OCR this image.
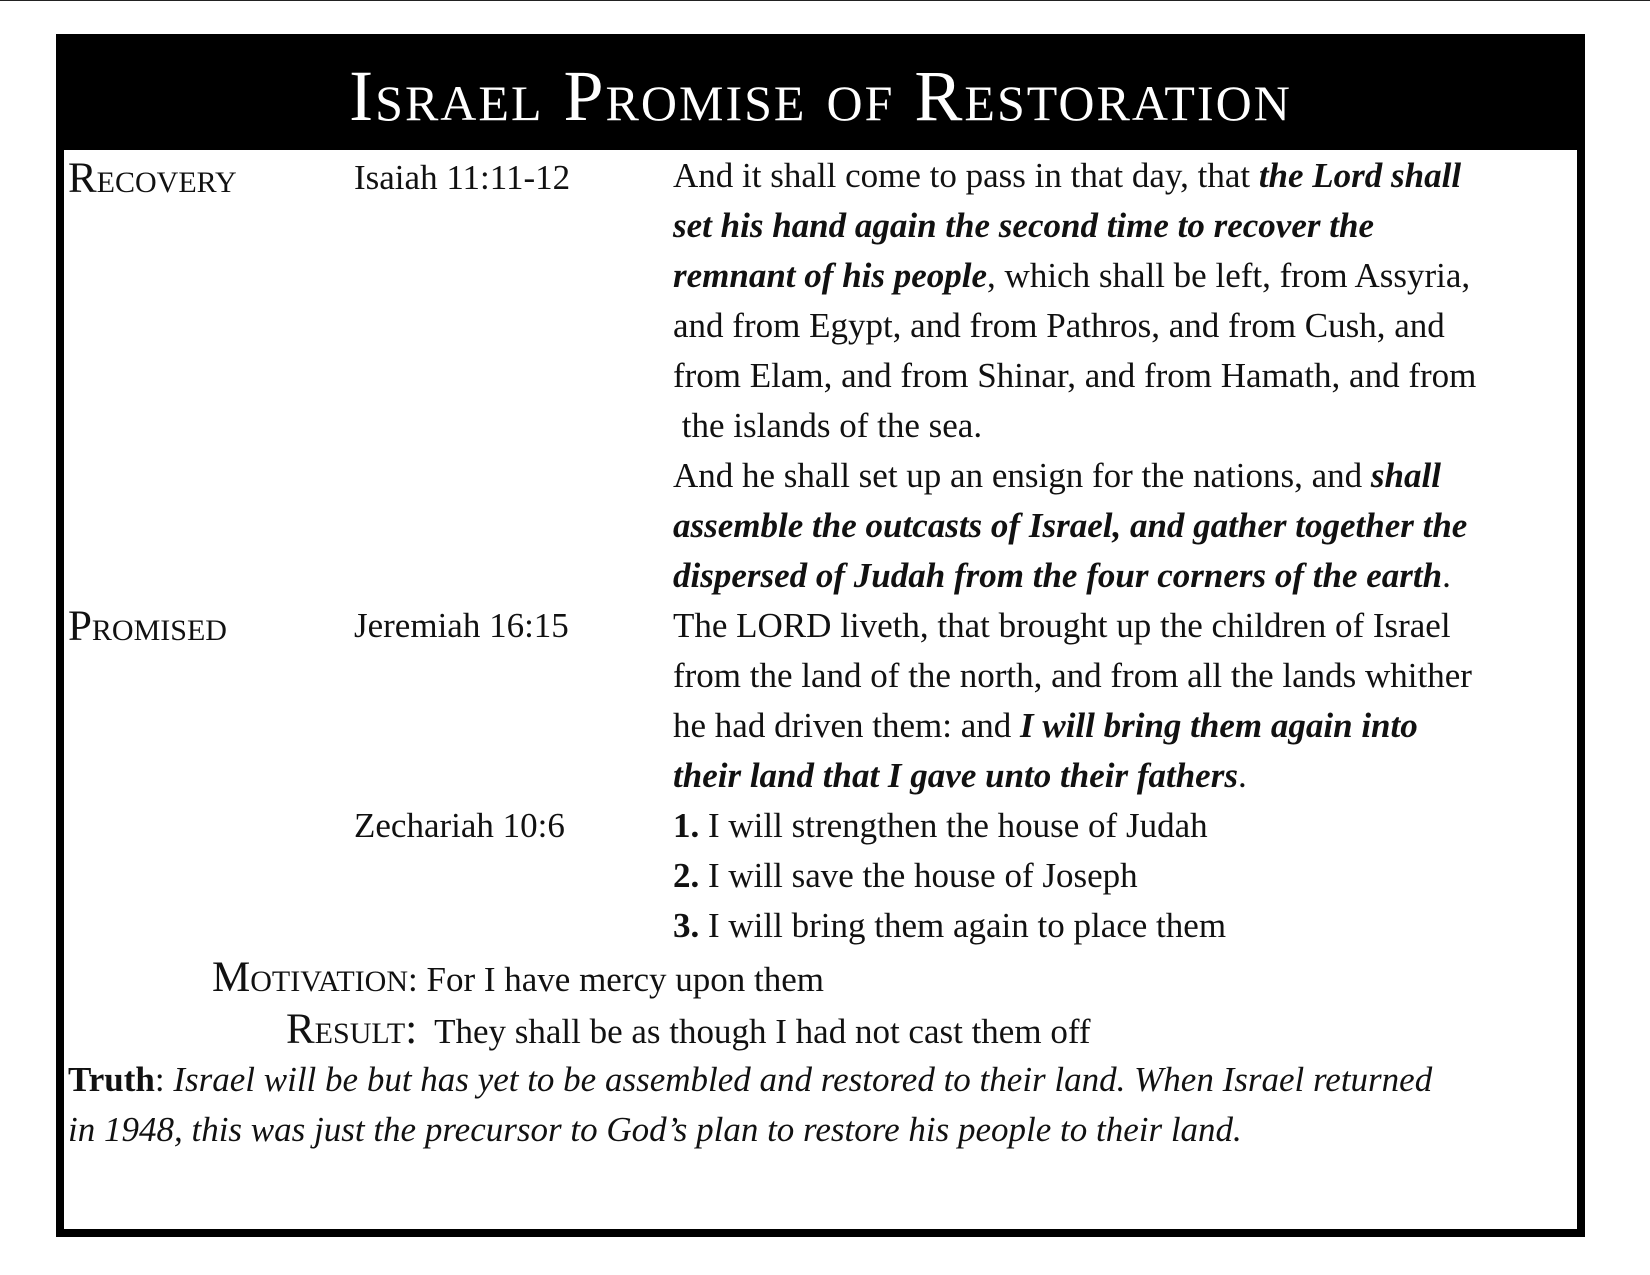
Israel Promise of Restoration
Recovery	Isaiah 11:11-12	And it shall come to pass in that day, that the Lord shall
set his hand again the second time to recover the
remnant of his people, which shall be left, from Assyria,
and from Egypt, and from Pathros, and from Cush, and
from Elam, and from Shinar, and from Hamath, and from
the islands of the sea.
And he shall set up an ensign for the nations, and shall
assemble the outcasts of Israel, and gather together the
dispersed of Judah from the four corners of the earth.
Promised	Jeremiah 16:15	The LORD liveth, that brought up the children of Israel
from the land of the north, and from all the lands whither
he had driven them: and I will bring them again into
their land that I gave unto their fathers.
Zechariah 10:6	1. I will strengthen the house of Judah
2. I will save the house of Joseph
3. I will bring them again to place them
Motivation: For I have mercy upon them
Result:  They shall be as though I had not cast them off
Truth: Israel will be but has yet to be assembled and restored to their land. When Israel returned
in 1948, this was just the precursor to God’s plan to restore his people to their land.
